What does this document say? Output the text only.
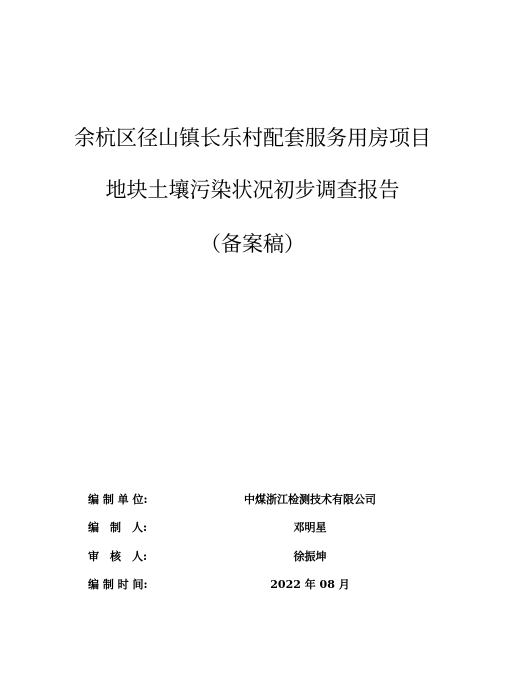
余杭区径山镇长乐村配套服务用房项目
地块土壤污染状况初步调查报告
（备案稿）
编 制 单 位:	中煤浙江检测技术有限公司
编　制　人:	邓明星
审　核　人:	徐振坤
编 制 时 间:	2022 年 08 月
